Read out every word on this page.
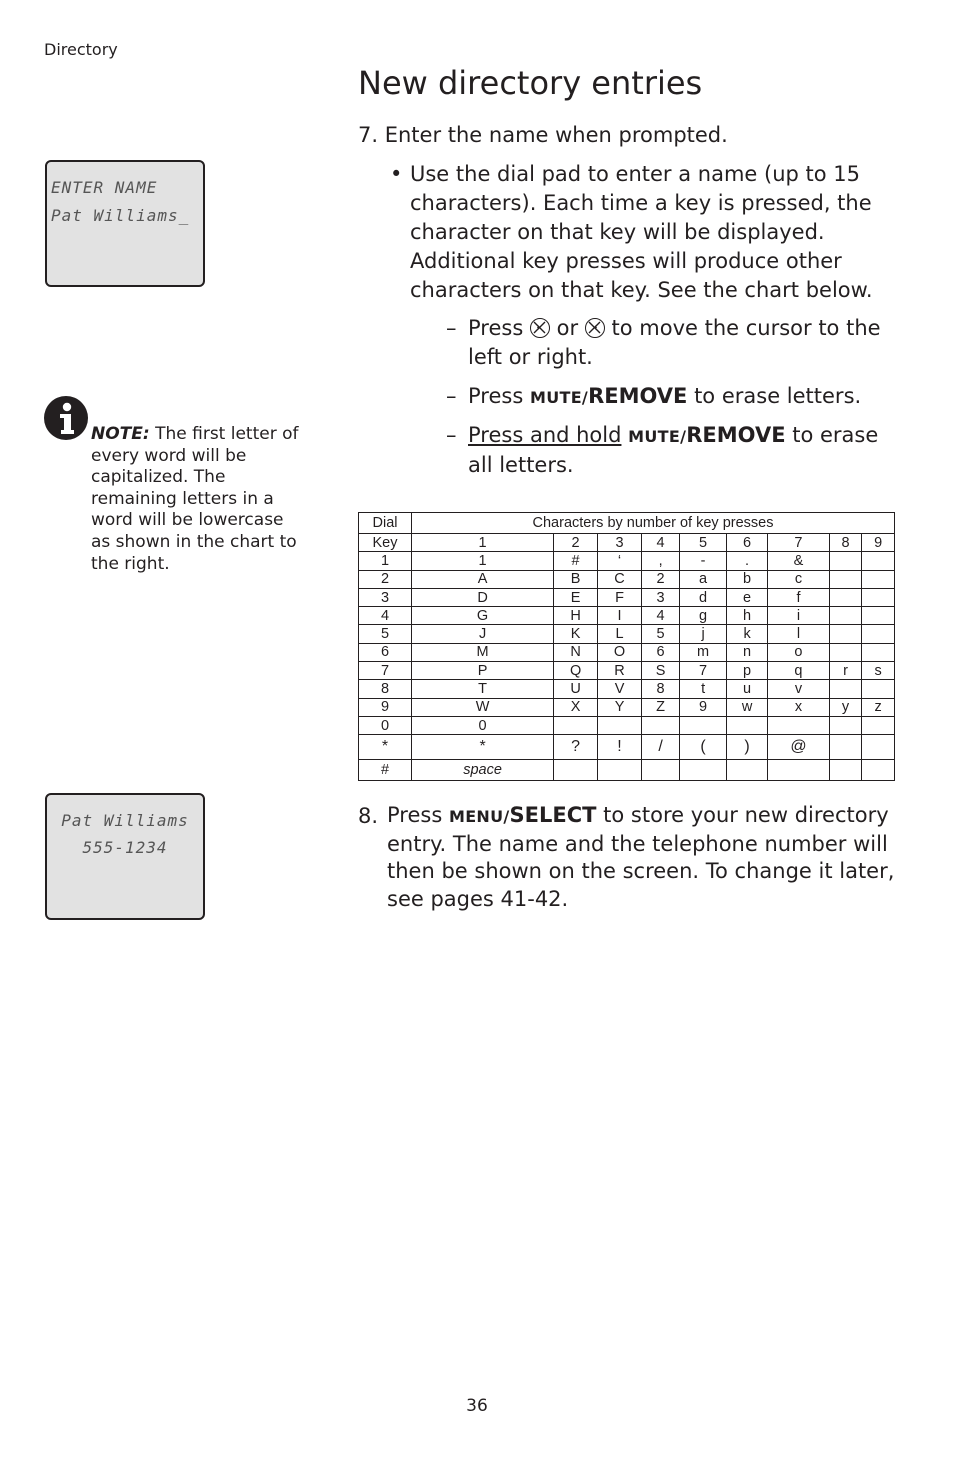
Directory
New directory entries
7. Enter the name when prompted.
• Use the dial pad to enter a name (up to 15 characters). Each time a key is pressed, the character on that key will be displayed. Additional key presses will produce other characters on that key. See the chart below.
– Press or to move the cursor to the left or right.
– Press MUTE/REMOVE to erase letters.
– Press and hold MUTE/REMOVE to erase all letters.
ENTER NAME
Pat Williams_
NOTE: The first letter of every word will be capitalized. The remaining letters in a word will be lowercase as shown in the chart to the right.
Dial	Characters by number of key presses								
Key	1	2	3	4	5	6	7	8	9
1	1	#	‘	,	-	.	&		
2	A	B	C	2	a	b	c		
3	D	E	F	3	d	e	f		
4	G	H	I	4	g	h	i		
5	J	K	L	5	j	k	l		
6	M	N	O	6	m	n	o		
7	P	Q	R	S	7	p	q	r	s
8	T	U	V	8	t	u	v		
9	W	X	Y	Z	9	w	x	y	z
0	0								
*	*	?	!	/	(	)	@		
#	space								
8. Press MENU/SELECT to store your new directory entry. The name and the telephone number will then be shown on the screen. To change it later, see pages 41-42.
Pat Williams
555-1234
36
